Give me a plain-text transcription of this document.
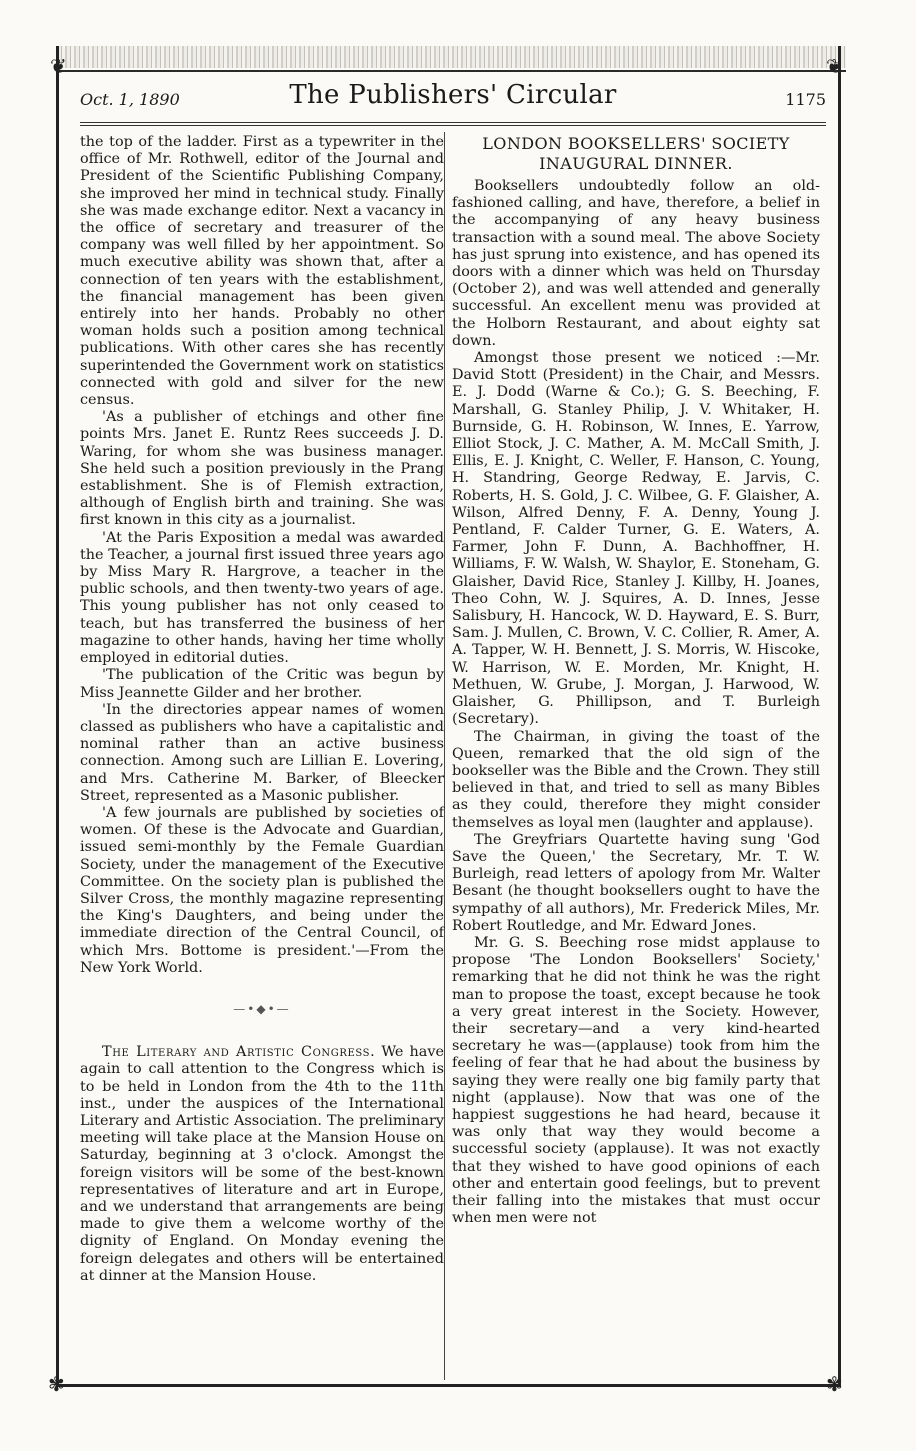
❦	❦
✾	✾
Oct. 1, 1890	The Publishers' Circular	1175

the top of the ladder. First as a typewriter in the office of Mr. Rothwell, editor of the Journal and President of the Scientific Publishing Company, she improved her mind in technical study. Finally she was made exchange editor. Next a vacancy in the office of secretary and treasurer of the company was well filled by her appointment. So much executive ability was shown that, after a connection of ten years with the establishment, the financial management has been given entirely into her hands. Probably no other woman holds such a position among technical publications. With other cares she has recently superintended the Government work on statistics connected with gold and silver for the new census.

'As a publisher of etchings and other fine points Mrs. Janet E. Runtz Rees succeeds J. D. Waring, for whom she was business manager. She held such a position previously in the Prang establishment. She is of Flemish extraction, although of English birth and training. She was first known in this city as a journalist.

'At the Paris Exposition a medal was awarded the Teacher, a journal first issued three years ago by Miss Mary R. Hargrove, a teacher in the public schools, and then twenty-two years of age. This young publisher has not only ceased to teach, but has transferred the business of her magazine to other hands, having her time wholly employed in editorial duties.

'The publication of the Critic was begun by Miss Jeannette Gilder and her brother.

'In the directories appear names of women classed as publishers who have a capitalistic and nominal rather than an active business connection. Among such are Lillian E. Lovering, and Mrs. Catherine M. Barker, of Bleecker Street, represented as a Masonic publisher.

'A few journals are published by societies of women. Of these is the Advocate and Guardian, issued semi-monthly by the Female Guardian Society, under the management of the Executive Committee. On the society plan is published the Silver Cross, the monthly magazine representing the King's Daughters, and being under the immediate direction of the Central Council, of which Mrs. Bottome is president.'—From the New York World.

—•◆•—

The Literary and Artistic Congress. We have again to call attention to the Congress which is to be held in London from the 4th to the 11th inst., under the auspices of the International Literary and Artistic Association. The preliminary meeting will take place at the Mansion House on Saturday, beginning at 3 o'clock. Amongst the foreign visitors will be some of the best-known representatives of literature and art in Europe, and we understand that arrangements are being made to give them a welcome worthy of the dignity of England. On Monday evening the foreign delegates and others will be entertained at dinner at the Mansion House.

LONDON BOOKSELLERS' SOCIETY
INAUGURAL DINNER.

Booksellers undoubtedly follow an old-fashioned calling, and have, therefore, a belief in the accompanying of any heavy business transaction with a sound meal. The above Society has just sprung into existence, and has opened its doors with a dinner which was held on Thursday (October 2), and was well attended and generally successful. An excellent menu was provided at the Holborn Restaurant, and about eighty sat down.

Amongst those present we noticed :—Mr. David Stott (President) in the Chair, and Messrs. E. J. Dodd (Warne & Co.); G. S. Beeching, F. Marshall, G. Stanley Philip, J. V. Whitaker, H. Burnside, G. H. Robinson, W. Innes, E. Yarrow, Elliot Stock, J. C. Mather, A. M. McCall Smith, J. Ellis, E. J. Knight, C. Weller, F. Hanson, C. Young, H. Standring, George Redway, E. Jarvis, C. Roberts, H. S. Gold, J. C. Wilbee, G. F. Glaisher, A. Wilson, Alfred Denny, F. A. Denny, Young J. Pentland, F. Calder Turner, G. E. Waters, A. Farmer, John F. Dunn, A. Bachhoffner, H. Williams, F. W. Walsh, W. Shaylor, E. Stoneham, G. Glaisher, David Rice, Stanley J. Killby, H. Joanes, Theo Cohn, W. J. Squires, A. D. Innes, Jesse Salisbury, H. Hancock, W. D. Hayward, E. S. Burr, Sam. J. Mullen, C. Brown, V. C. Collier, R. Amer, A. A. Tapper, W. H. Bennett, J. S. Morris, W. Hiscoke, W. Harrison, W. E. Morden, Mr. Knight, H. Methuen, W. Grube, J. Morgan, J. Harwood, W. Glaisher, G. Phillipson, and T. Burleigh (Secretary).

The Chairman, in giving the toast of the Queen, remarked that the old sign of the bookseller was the Bible and the Crown. They still believed in that, and tried to sell as many Bibles as they could, therefore they might consider themselves as loyal men (laughter and applause).

The Greyfriars Quartette having sung 'God Save the Queen,' the Secretary, Mr. T. W. Burleigh, read letters of apology from Mr. Walter Besant (he thought booksellers ought to have the sympathy of all authors), Mr. Frederick Miles, Mr. Robert Routledge, and Mr. Edward Jones.

Mr. G. S. Beeching rose midst applause to propose 'The London Booksellers' Society,' remarking that he did not think he was the right man to propose the toast, except because he took a very great interest in the Society. However, their secretary—and a very kind-hearted secretary he was—(applause) took from him the feeling of fear that he had about the business by saying they were really one big family party that night (applause). Now that was one of the happiest suggestions he had heard, because it was only that way they would become a successful society (applause). It was not exactly that they wished to have good opinions of each other and entertain good feelings, but to prevent their falling into the mistakes that must occur when men were not
